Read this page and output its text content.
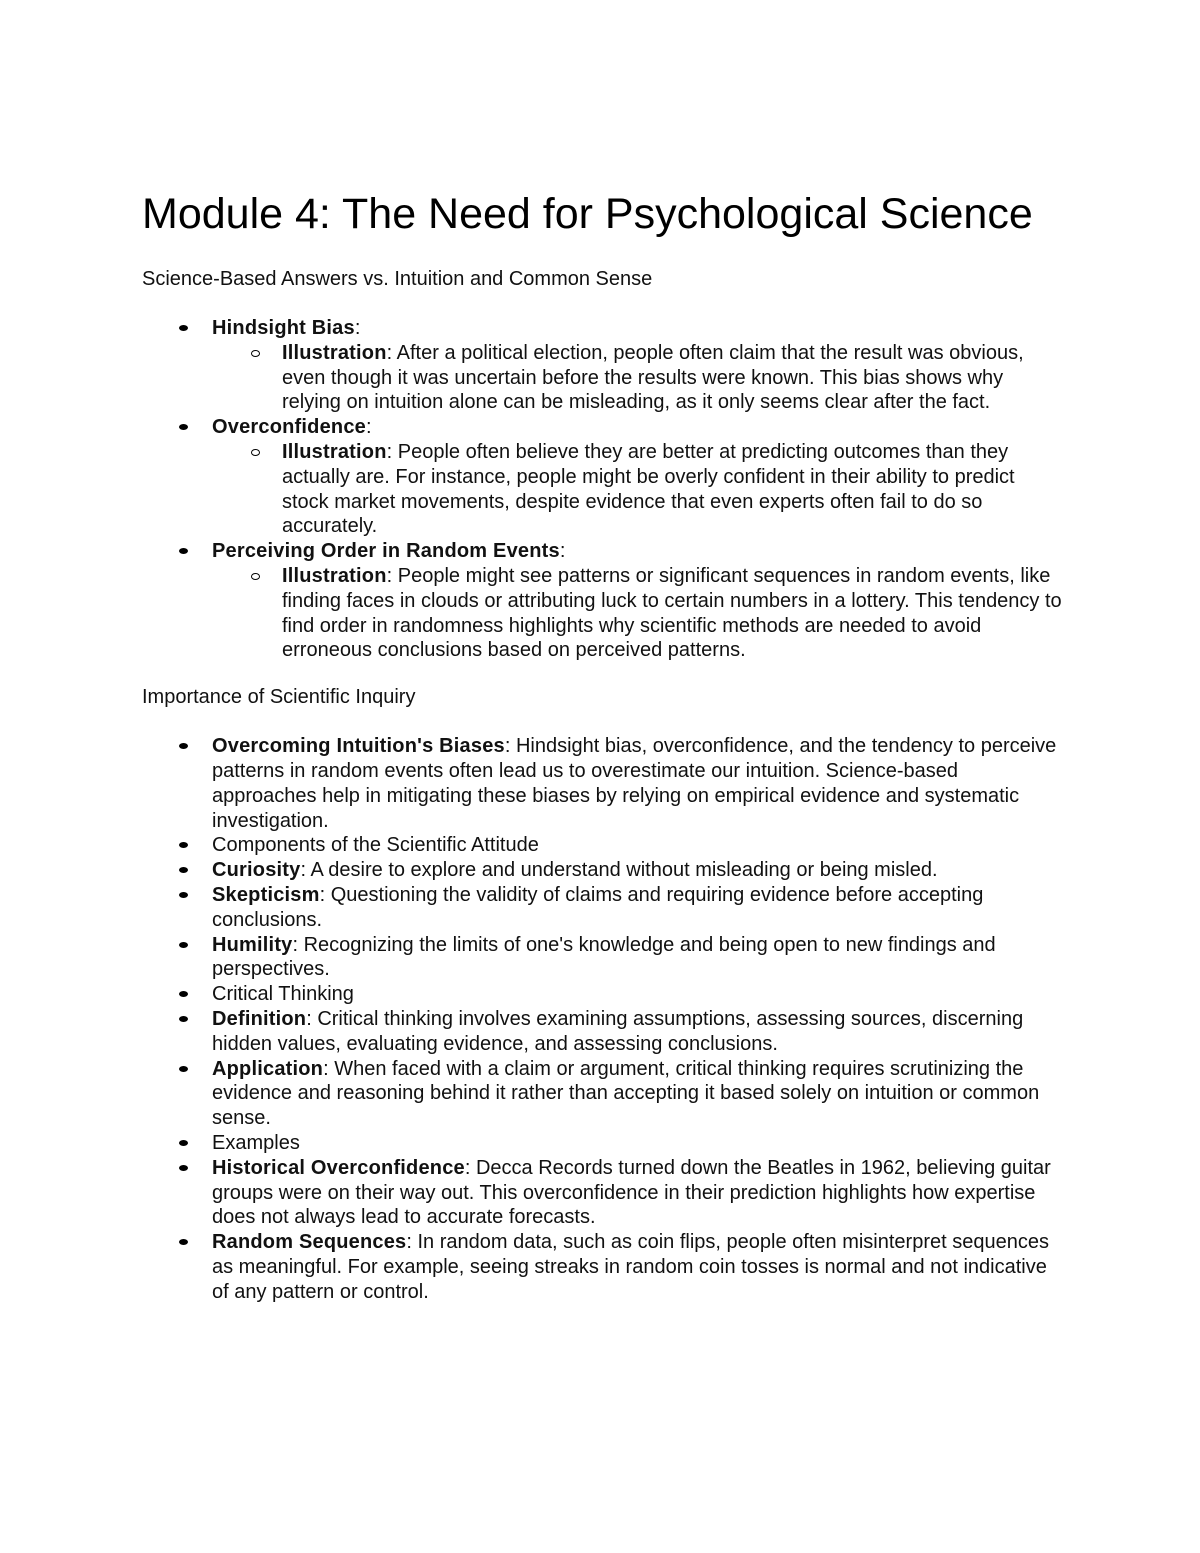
Module 4: The Need for Psychological Science
Science-Based Answers vs. Intuition and Common Sense
Hindsight Bias:
Illustration: After a political election, people often claim that the result was obvious, even though it was uncertain before the results were known. This bias shows why relying on intuition alone can be misleading, as it only seems clear after the fact.
Overconfidence:
Illustration: People often believe they are better at predicting outcomes than they actually are. For instance, people might be overly confident in their ability to predict stock market movements, despite evidence that even experts often fail to do so accurately.
Perceiving Order in Random Events:
Illustration: People might see patterns or significant sequences in random events, like finding faces in clouds or attributing luck to certain numbers in a lottery. This tendency to find order in randomness highlights why scientific methods are needed to avoid erroneous conclusions based on perceived patterns.
Importance of Scientific Inquiry
Overcoming Intuition's Biases: Hindsight bias, overconfidence, and the tendency to perceive patterns in random events often lead us to overestimate our intuition. Science-based approaches help in mitigating these biases by relying on empirical evidence and systematic investigation.
Components of the Scientific Attitude
Curiosity: A desire to explore and understand without misleading or being misled.
Skepticism: Questioning the validity of claims and requiring evidence before accepting conclusions.
Humility: Recognizing the limits of one's knowledge and being open to new findings and perspectives.
Critical Thinking
Definition: Critical thinking involves examining assumptions, assessing sources, discerning hidden values, evaluating evidence, and assessing conclusions.
Application: When faced with a claim or argument, critical thinking requires scrutinizing the evidence and reasoning behind it rather than accepting it based solely on intuition or common sense.
Examples
Historical Overconfidence: Decca Records turned down the Beatles in 1962, believing guitar groups were on their way out. This overconfidence in their prediction highlights how expertise does not always lead to accurate forecasts.
Random Sequences: In random data, such as coin flips, people often misinterpret sequences as meaningful. For example, seeing streaks in random coin tosses is normal and not indicative of any pattern or control.
